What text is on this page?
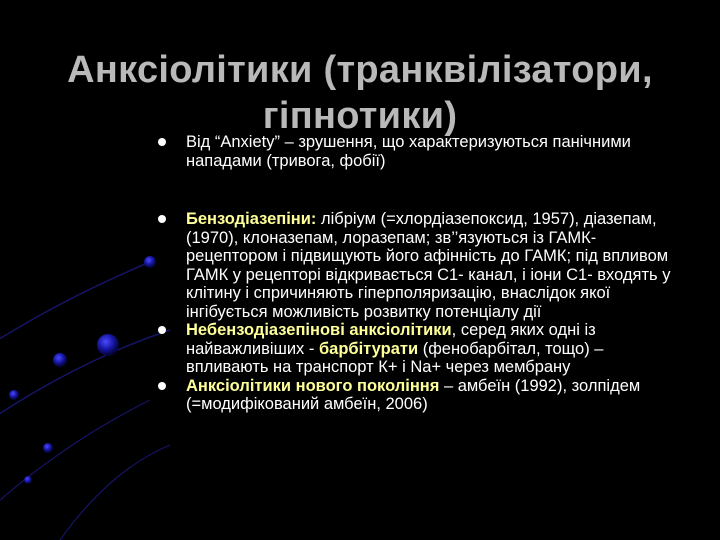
Анксіолітики (транквілізатори,
гіпнотики)
Від “Anxiety” – зрушення, що характеризуються панічними нападами (тривога, фобії)
Бензодіазепіни: лібріум (=хлордіазепоксид, 1957), діазепам, (1970), клоназепам, лоразепам; зв’’язуються із ГАМК-рецептором і підвищують його афінність до ГАМК; під впливом ГАМК у рецепторі відкривається С1- канал, і іони С1- входять у клітину і спричиняють гіперполяризацію, внаслідок якої інгібується можливість розвитку потенціалу дії
Небензодіазепінові анксіолітики, серед яких одні із найважливіших - барбітурати (фенобарбітал, тощо) – впливають на транспорт К+ і Na+ через мембрану
Анксіолітики нового покоління – амбеїн (1992), золпідем (=модифікований амбеїн, 2006)
